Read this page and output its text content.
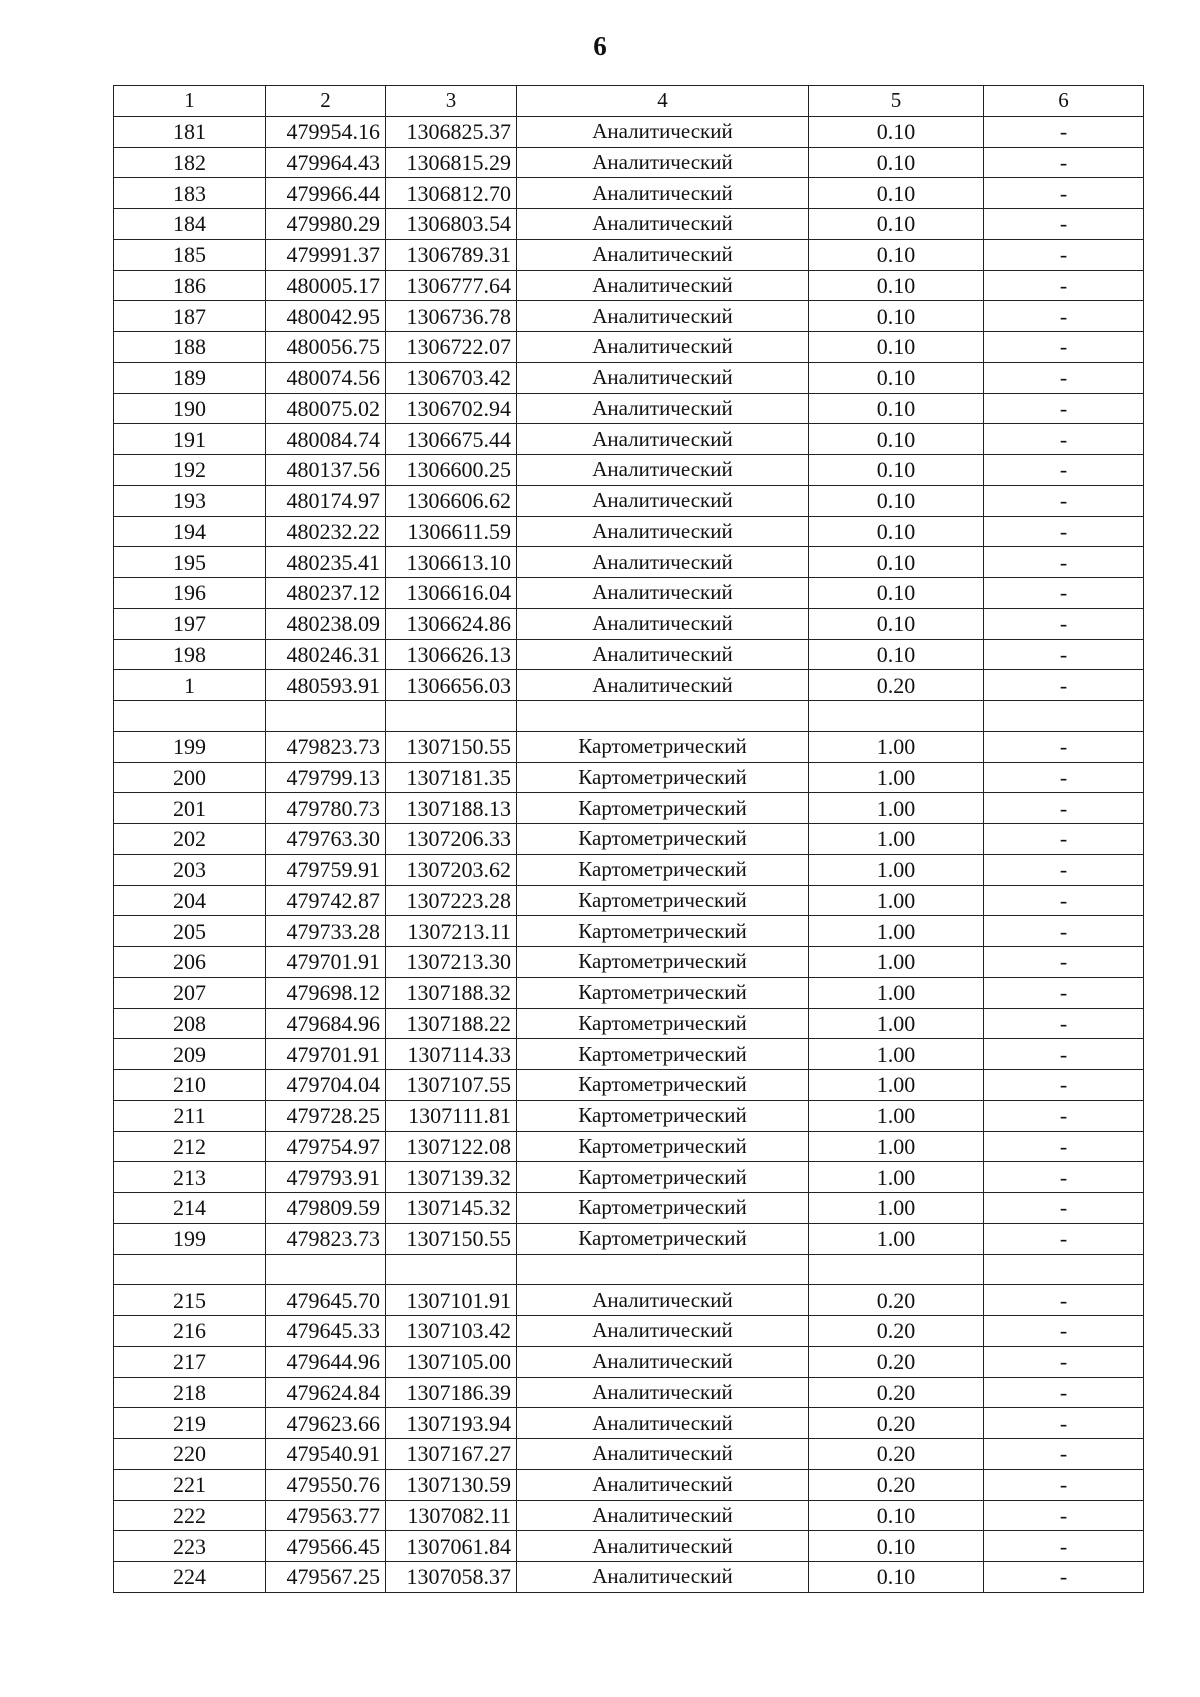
6
1	2	3	4	5	6
181	479954.16	1306825.37	Аналитический	0.10	-
182	479964.43	1306815.29	Аналитический	0.10	-
183	479966.44	1306812.70	Аналитический	0.10	-
184	479980.29	1306803.54	Аналитический	0.10	-
185	479991.37	1306789.31	Аналитический	0.10	-
186	480005.17	1306777.64	Аналитический	0.10	-
187	480042.95	1306736.78	Аналитический	0.10	-
188	480056.75	1306722.07	Аналитический	0.10	-
189	480074.56	1306703.42	Аналитический	0.10	-
190	480075.02	1306702.94	Аналитический	0.10	-
191	480084.74	1306675.44	Аналитический	0.10	-
192	480137.56	1306600.25	Аналитический	0.10	-
193	480174.97	1306606.62	Аналитический	0.10	-
194	480232.22	1306611.59	Аналитический	0.10	-
195	480235.41	1306613.10	Аналитический	0.10	-
196	480237.12	1306616.04	Аналитический	0.10	-
197	480238.09	1306624.86	Аналитический	0.10	-
198	480246.31	1306626.13	Аналитический	0.10	-
1	480593.91	1306656.03	Аналитический	0.20	-

199	479823.73	1307150.55	Картометрический	1.00	-
200	479799.13	1307181.35	Картометрический	1.00	-
201	479780.73	1307188.13	Картометрический	1.00	-
202	479763.30	1307206.33	Картометрический	1.00	-
203	479759.91	1307203.62	Картометрический	1.00	-
204	479742.87	1307223.28	Картометрический	1.00	-
205	479733.28	1307213.11	Картометрический	1.00	-
206	479701.91	1307213.30	Картометрический	1.00	-
207	479698.12	1307188.32	Картометрический	1.00	-
208	479684.96	1307188.22	Картометрический	1.00	-
209	479701.91	1307114.33	Картометрический	1.00	-
210	479704.04	1307107.55	Картометрический	1.00	-
211	479728.25	1307111.81	Картометрический	1.00	-
212	479754.97	1307122.08	Картометрический	1.00	-
213	479793.91	1307139.32	Картометрический	1.00	-
214	479809.59	1307145.32	Картометрический	1.00	-
199	479823.73	1307150.55	Картометрический	1.00	-

215	479645.70	1307101.91	Аналитический	0.20	-
216	479645.33	1307103.42	Аналитический	0.20	-
217	479644.96	1307105.00	Аналитический	0.20	-
218	479624.84	1307186.39	Аналитический	0.20	-
219	479623.66	1307193.94	Аналитический	0.20	-
220	479540.91	1307167.27	Аналитический	0.20	-
221	479550.76	1307130.59	Аналитический	0.20	-
222	479563.77	1307082.11	Аналитический	0.10	-
223	479566.45	1307061.84	Аналитический	0.10	-
224	479567.25	1307058.37	Аналитический	0.10	-
